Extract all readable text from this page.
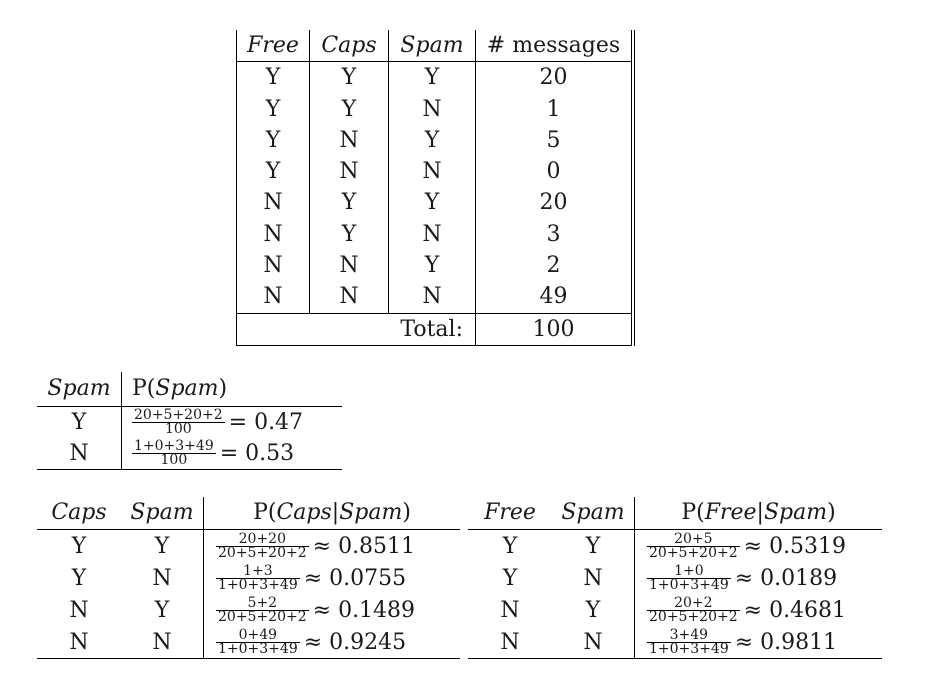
Free	Caps	Spam	# messages
Y	Y	Y	20
Y	Y	N	1
Y	N	Y	5
Y	N	N	0
N	Y	Y	20
N	Y	N	3
N	N	Y	2
N	N	N	49
Total:			100
Spam	P(Spam)
Y	$\frac{20+5+20+2}{100} = 0.47$
N	$\frac{1+0+3+49}{100} = 0.53$
Caps	Spam	P(Caps|Spam)
Y	Y	$\frac{20+20}{20+5+20+2} \approx 0.8511$
Y	N	$\frac{1+3}{1+0+3+49} \approx 0.0755$
N	Y	$\frac{5+2}{20+5+20+2} \approx 0.1489$
N	N	$\frac{0+49}{1+0+3+49} \approx 0.9245$
Free	Spam	P(Free|Spam)
Y	Y	$\frac{20+5}{20+5+20+2} \approx 0.5319$
Y	N	$\frac{1+0}{1+0+3+49} \approx 0.0189$
N	Y	$\frac{20+2}{20+5+20+2} \approx 0.4681$
N	N	$\frac{3+49}{1+0+3+49} \approx 0.9811$
